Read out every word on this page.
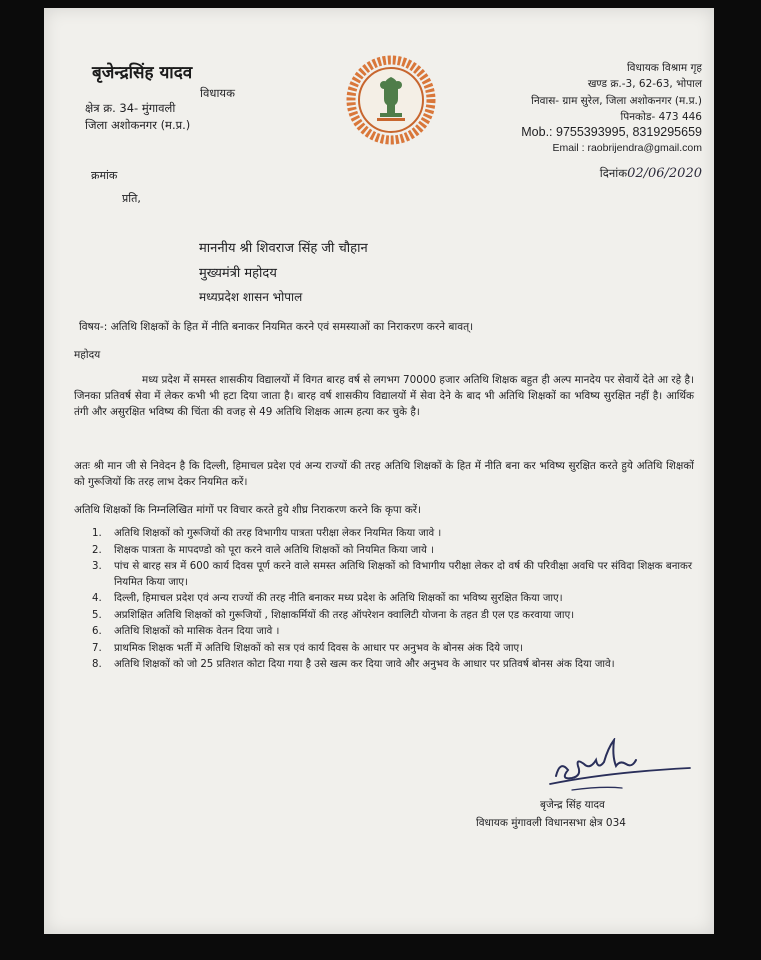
बृजेन्द्रसिंह यादव
विधायक
क्षेत्र क्र. 34- मुंगावली
जिला अशोकनगर (म.प्र.)
विधायक विश्राम गृह
खण्ड क्र.-3, 62-63, भोपाल
निवास- ग्राम सुरेल, जिला अशोकनगर (म.प्र.)
पिनकोड- 473 446
Mob.: 9755393995, 8319295659
Email : raobrijendra@gmail.com
क्रमांक	दिनांक02/06/2020
प्रति,
माननीय श्री शिवराज सिंह जी चौहान
मुख्यमंत्री महोदय
मध्यप्रदेश शासन भोपाल
विषय-: अतिथि शिक्षकों के हित में नीति बनाकर नियमित करने एवं समस्याओं का निराकरण करने बावत्।
महोदय
मध्य प्रदेश में समस्त शासकीय विद्यालयों में विगत बारह वर्ष से लगभग 70000 हजार अतिथि शिक्षक बहुत ही अल्प मानदेय पर सेवायें देते आ रहे है। जिनका प्रतिवर्ष सेवा में लेकर कभी भी हटा दिया जाता है। बारह वर्ष शासकीय विद्यालयों में सेवा देने के बाद भी अतिथि शिक्षकों का भविष्य सुरक्षित नहीं है। आर्थिक तंगी और असुरक्षित भविष्य की चिंता की वजह से 49 अतिथि शिक्षक आत्म हत्या कर चुके है।
अतः श्री मान जी से निवेदन है कि दिल्ली, हिमाचल प्रदेश एवं अन्य राज्यों की तरह अतिथि शिक्षकों के हित में नीति बना कर भविष्य सुरक्षित करते हुये अतिथि शिक्षकों को गुरूजियों कि तरह लाभ देकर नियमित करें।
अतिथि शिक्षकों कि निम्नलिखित मांगों पर विचार करते हुये शीघ्र निराकरण करने कि कृपा करें।
1.	अतिथि शिक्षकों को गुरूजियों की तरह विभागीय पात्रता परीक्षा लेकर नियमित किया जावे ।
2.	शिक्षक पात्रता के मापदण्डो को पूरा करने वाले अतिथि शिक्षकों को नियमित किया जाये ।
3.	पांच से बारह सत्र में 600 कार्य दिवस पूर्ण करने वाले समस्त अतिथि शिक्षकों को विभागीय परीक्षा लेकर दो वर्ष की परिवीक्षा अवधि पर संविदा शिक्षक बनाकर नियमित किया जाए।
4.	दिल्ली, हिमाचल प्रदेश एवं अन्य राज्यों की तरह नीति बनाकर मध्य प्रदेश के अतिथि शिक्षकों का भविष्य सुरक्षित किया जाए।
5.	अप्रशिक्षित अतिथि शिक्षकों को गुरूजियों , शिक्षाकर्मियों की तरह ऑपरेशन क्वालिटी योजना के तहत डी एल एड करवाया जाए।
6.	अतिथि शिक्षकों को मासिक वेतन दिया जावे ।
7.	प्राथमिक शिक्षक भर्ती में अतिथि शिक्षकों को सत्र एवं कार्य दिवस के आधार पर अनुभव के बोनस अंक दिये जाए।
8.	अतिथि शिक्षकों को जो 25 प्रतिशत कोटा दिया गया है उसे खत्म कर दिया जावे और अनुभव के आधार पर प्रतिवर्ष बोनस अंक दिया जावे।
बृजेन्द्र सिंह यादव
विधायक मुंगावली विधानसभा क्षेत्र 034
